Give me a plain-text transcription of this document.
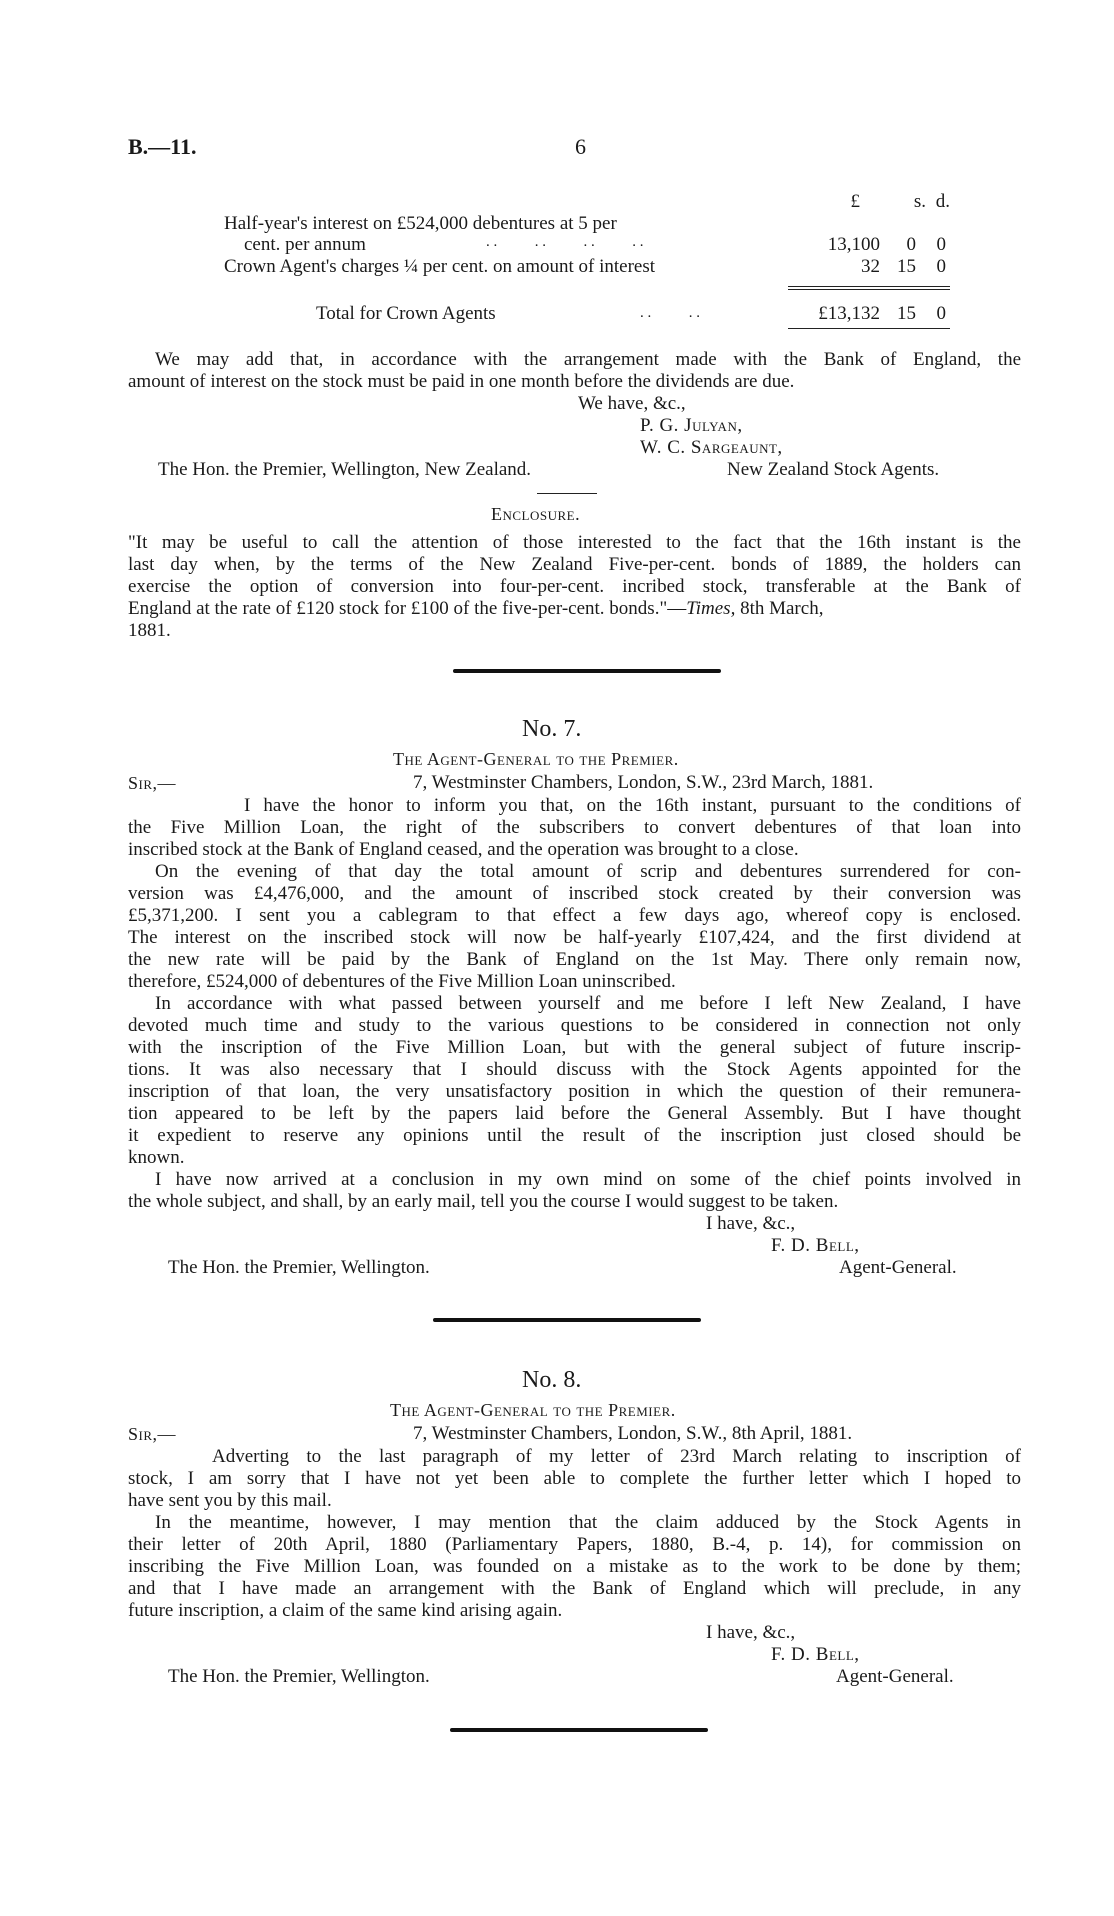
B.—11.	6
£	s. d.
Half-year's interest on £524,000 debentures at 5 per
cent. per annum	. .          . .          . .          . .	13,100	0	0
Crown Agent's charges ¼ per cent. on amount of interest	32 15	0
Total for Crown Agents	. .          . .	£13,132 15	0
We may add that, in accordance with the arrangement made with the Bank of England, the
amount of interest on the stock must be paid in one month before the dividends are due.
We have, &c.,
P. G. Julyan,
W. C. Sargeaunt,
The Hon. the Premier, Wellington, New Zealand.	New Zealand Stock Agents.
Enclosure.
"It may be useful to call the attention of those interested to the fact that the 16th instant is the
last day when, by the terms of the New Zealand Five-per-cent. bonds of 1889, the holders can
exercise the option of conversion into four-per-cent. incribed stock, transferable at the Bank of
England at the rate of £120 stock for £100 of the five-per-cent. bonds."—Times, 8th March,
1881.
No. 7.
The Agent-General to the Premier.
Sir,—	7, Westminster Chambers, London, S.W., 23rd March, 1881.
I have the honor to inform you that, on the 16th instant, pursuant to the conditions of
the Five Million Loan, the right of the subscribers to convert debentures of that loan into
inscribed stock at the Bank of England ceased, and the operation was brought to a close.
On the evening of that day the total amount of scrip and debentures surrendered for con-
version was £4,476,000, and the amount of inscribed stock created by their conversion was
£5,371,200. I sent you a cablegram to that effect a few days ago, whereof copy is enclosed.
The interest on the inscribed stock will now be half-yearly £107,424, and the first dividend at
the new rate will be paid by the Bank of England on the 1st May. There only remain now,
therefore, £524,000 of debentures of the Five Million Loan uninscribed.
In accordance with what passed between yourself and me before I left New Zealand, I have
devoted much time and study to the various questions to be considered in connection not only
with the inscription of the Five Million Loan, but with the general subject of future inscrip-
tions. It was also necessary that I should discuss with the Stock Agents appointed for the
inscription of that loan, the very unsatisfactory position in which the question of their remunera-
tion appeared to be left by the papers laid before the General Assembly. But I have thought
it expedient to reserve any opinions until the result of the inscription just closed should be
known.
I have now arrived at a conclusion in my own mind on some of the chief points involved in
the whole subject, and shall, by an early mail, tell you the course I would suggest to be taken.
I have, &c.,
F. D. Bell,
The Hon. the Premier, Wellington.	Agent-General.
No. 8.
The Agent-General to the Premier.
Sir,—	7, Westminster Chambers, London, S.W., 8th April, 1881.
Adverting to the last paragraph of my letter of 23rd March relating to inscription of
stock, I am sorry that I have not yet been able to complete the further letter which I hoped to
have sent you by this mail.
In the meantime, however, I may mention that the claim adduced by the Stock Agents in
their letter of 20th April, 1880 (Parliamentary Papers, 1880, B.-4, p. 14), for commission on
inscribing the Five Million Loan, was founded on a mistake as to the work to be done by them;
and that I have made an arrangement with the Bank of England which will preclude, in any
future inscription, a claim of the same kind arising again.
I have, &c.,
F. D. Bell,
The Hon. the Premier, Wellington.	Agent-General.
